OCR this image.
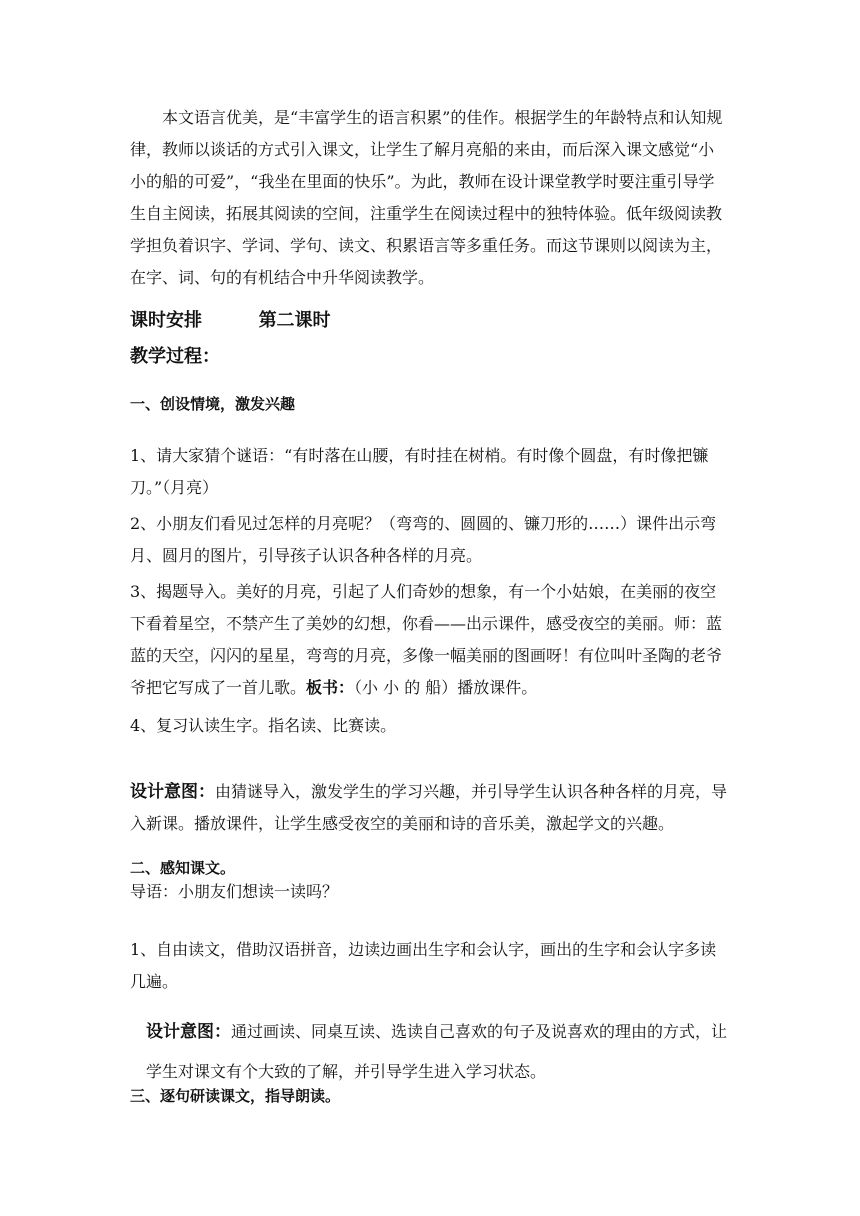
本文语言优美，是“丰富学生的语言积累”的佳作。根据学生的年龄特点和认知规律，教师以谈话的方式引入课文，让学生了解月亮船的来由，而后深入课文感觉“小小的船的可爱”，“我坐在里面的快乐”。为此，教师在设计课堂教学时要注重引导学生自主阅读，拓展其阅读的空间，注重学生在阅读过程中的独特体验。低年级阅读教学担负着识字、学词、学句、读文、积累语言等多重任务。而这节课则以阅读为主，在字、词、句的有机结合中升华阅读教学。

课时安排	第二课时
教学过程：
一、创设情境，激发兴趣

1、请大家猜个谜语：“有时落在山腰，有时挂在树梢。有时像个圆盘，有时像把镰刀。”（月亮）

2、小朋友们看见过怎样的月亮呢？（弯弯的、圆圆的、镰刀形的……）课件出示弯月、圆月的图片，引导孩子认识各种各样的月亮。

3、揭题导入。美好的月亮，引起了人们奇妙的想象，有一个小姑娘，在美丽的夜空下看着星空，不禁产生了美妙的幻想，你看——出示课件，感受夜空的美丽。师：蓝蓝的天空，闪闪的星星，弯弯的月亮，多像一幅美丽的图画呀！有位叫叶圣陶的老爷爷把它写成了一首儿歌。板书：（小 小 的 船）播放课件。

4、复习认读生字。指名读、比赛读。

设计意图：由猜谜导入，激发学生的学习兴趣，并引导学生认识各种各样的月亮，导入新课。播放课件，让学生感受夜空的美丽和诗的音乐美，激起学文的兴趣。

二、感知课文。
导语：小朋友们想读一读吗？

1、自由读文，借助汉语拼音，边读边画出生字和会认字，画出的生字和会认字多读几遍。

设计意图：通过画读、同桌互读、选读自己喜欢的句子及说喜欢的理由的方式，让学生对课文有个大致的了解，并引导学生进入学习状态。

三、逐句研读课文，指导朗读。
